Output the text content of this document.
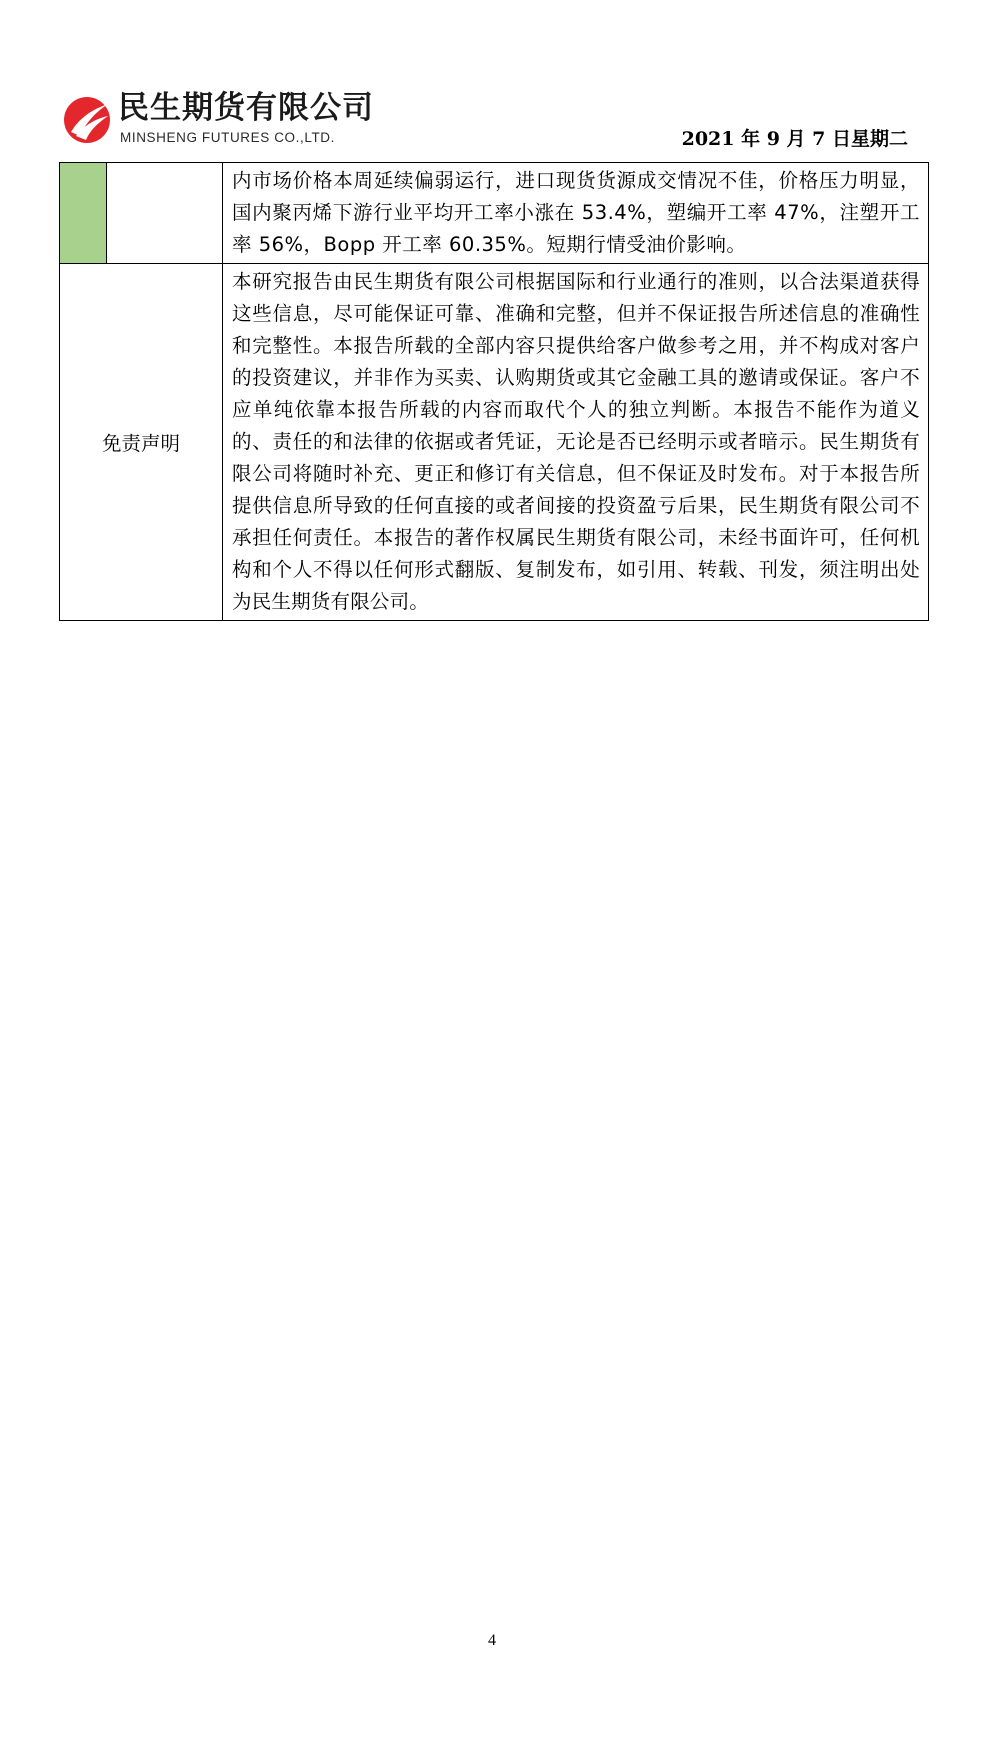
民生期货有限公司
MINSHENG FUTURES CO.,LTD.	2021 年 9 月 7 日星期二

		内市场价格本周延续偏弱运行，进口现货货源成交情况不佳，价格压力明显，国内聚丙烯下游行业平均开工率小涨在 53.4%，塑编开工率 47%，注塑开工率 56%，Bopp 开工率 60.35%。短期行情受油价影响。

免责声明		本研究报告由民生期货有限公司根据国际和行业通行的准则，以合法渠道获得这些信息，尽可能保证可靠、准确和完整，但并不保证报告所述信息的准确性和完整性。本报告所载的全部内容只提供给客户做参考之用，并不构成对客户的投资建议，并非作为买卖、认购期货或其它金融工具的邀请或保证。客户不应单纯依靠本报告所载的内容而取代个人的独立判断。本报告不能作为道义的、责任的和法律的依据或者凭证，无论是否已经明示或者暗示。民生期货有限公司将随时补充、更正和修订有关信息，但不保证及时发布。对于本报告所提供信息所导致的任何直接的或者间接的投资盈亏后果，民生期货有限公司不承担任何责任。本报告的著作权属民生期货有限公司，未经书面许可，任何机构和个人不得以任何形式翻版、复制发布，如引用、转载、刊发，须注明出处为民生期货有限公司。
4
